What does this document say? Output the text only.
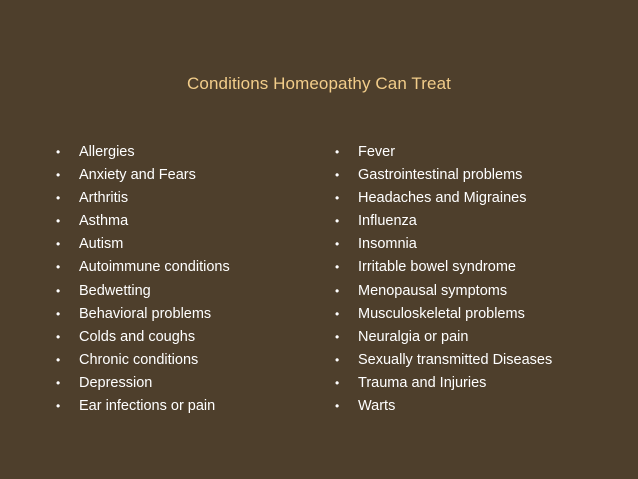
Conditions Homeopathy Can Treat
•	Allergies
•	Anxiety and Fears
•	Arthritis
•	Asthma
•	Autism
•	Autoimmune conditions
•	Bedwetting
•	Behavioral problems
•	Colds and coughs
•	Chronic conditions
•	Depression
•	Ear infections or pain
•	Fever
•	Gastrointestinal problems
•	Headaches and Migraines
•	Influenza
•	Insomnia
•	Irritable bowel syndrome
•	Menopausal symptoms
•	Musculoskeletal problems
•	Neuralgia or pain
•	Sexually transmitted Diseases
•	Trauma and Injuries
•	Warts
